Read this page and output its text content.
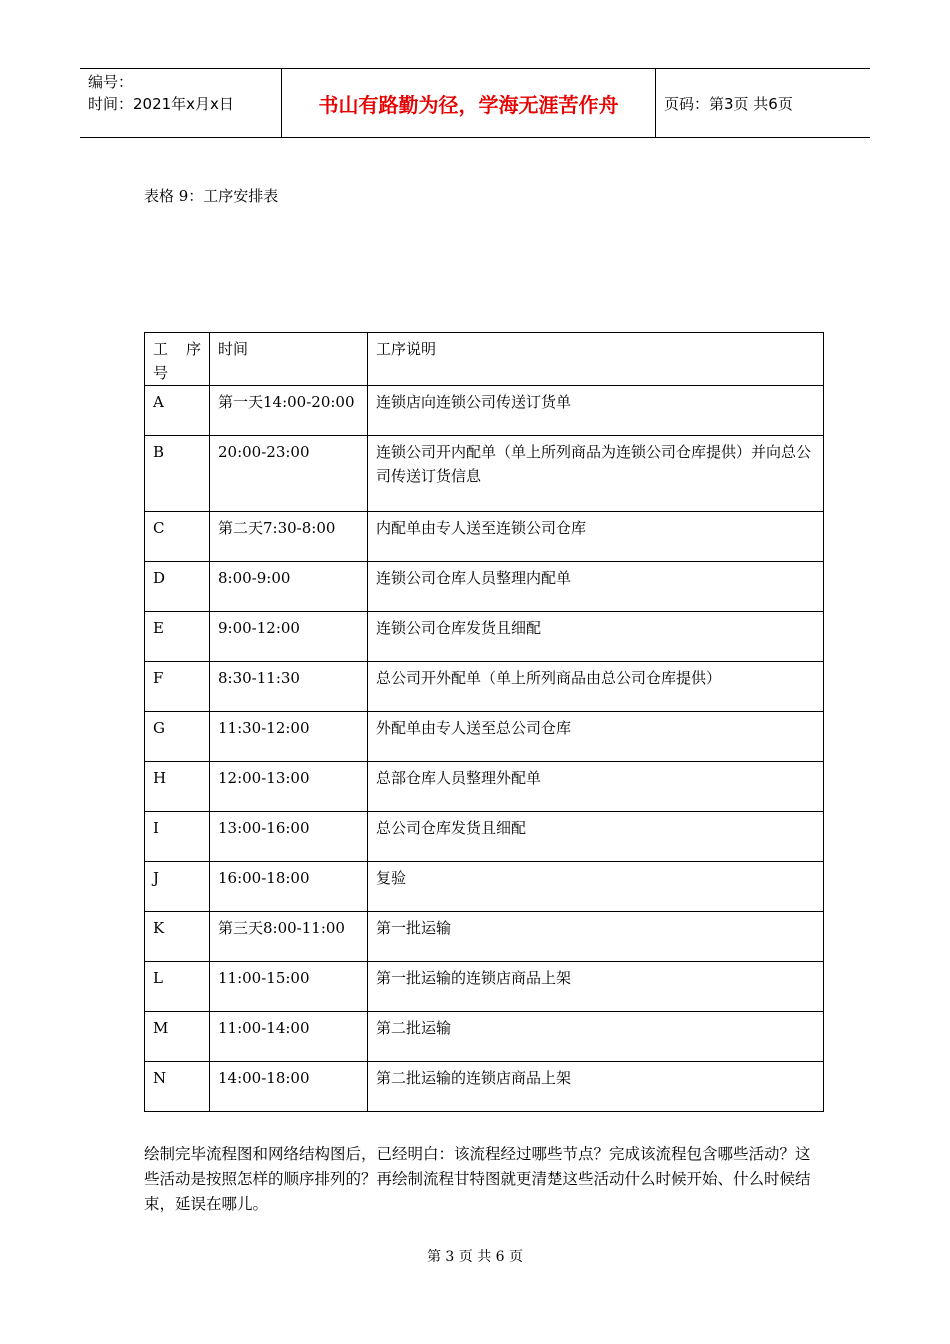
编号：
时间：2021年x月x日	书山有路勤为径，学海无涯苦作舟	页码：第3页 共6页
表格 9：工序安排表
工 序
号	时间	工序说明
A	第一天14:00-20:00	连锁店向连锁公司传送订货单
B	20:00-23:00	连锁公司开内配单（单上所列商品为连锁公司仓库提供）并向总公司传送订货信息
C	第二天7:30-8:00	内配单由专人送至连锁公司仓库
D	8:00-9:00	连锁公司仓库人员整理内配单
E	9:00-12:00	连锁公司仓库发货且细配
F	8:30-11:30	总公司开外配单（单上所列商品由总公司仓库提供）
G	11:30-12:00	外配单由专人送至总公司仓库
H	12:00-13:00	总部仓库人员整理外配单
I	13:00-16:00	总公司仓库发货且细配
J	16:00-18:00	复验
K	第三天8:00-11:00	第一批运输
L	11:00-15:00	第一批运输的连锁店商品上架
M	11:00-14:00	第二批运输
N	14:00-18:00	第二批运输的连锁店商品上架
绘制完毕流程图和网络结构图后，已经明白：该流程经过哪些节点？完成该流程包含哪些活动？这些活动是按照怎样的顺序排列的？再绘制流程甘特图就更清楚这些活动什么时候开始、什么时候结束，延误在哪儿。
第 3 页 共 6 页
